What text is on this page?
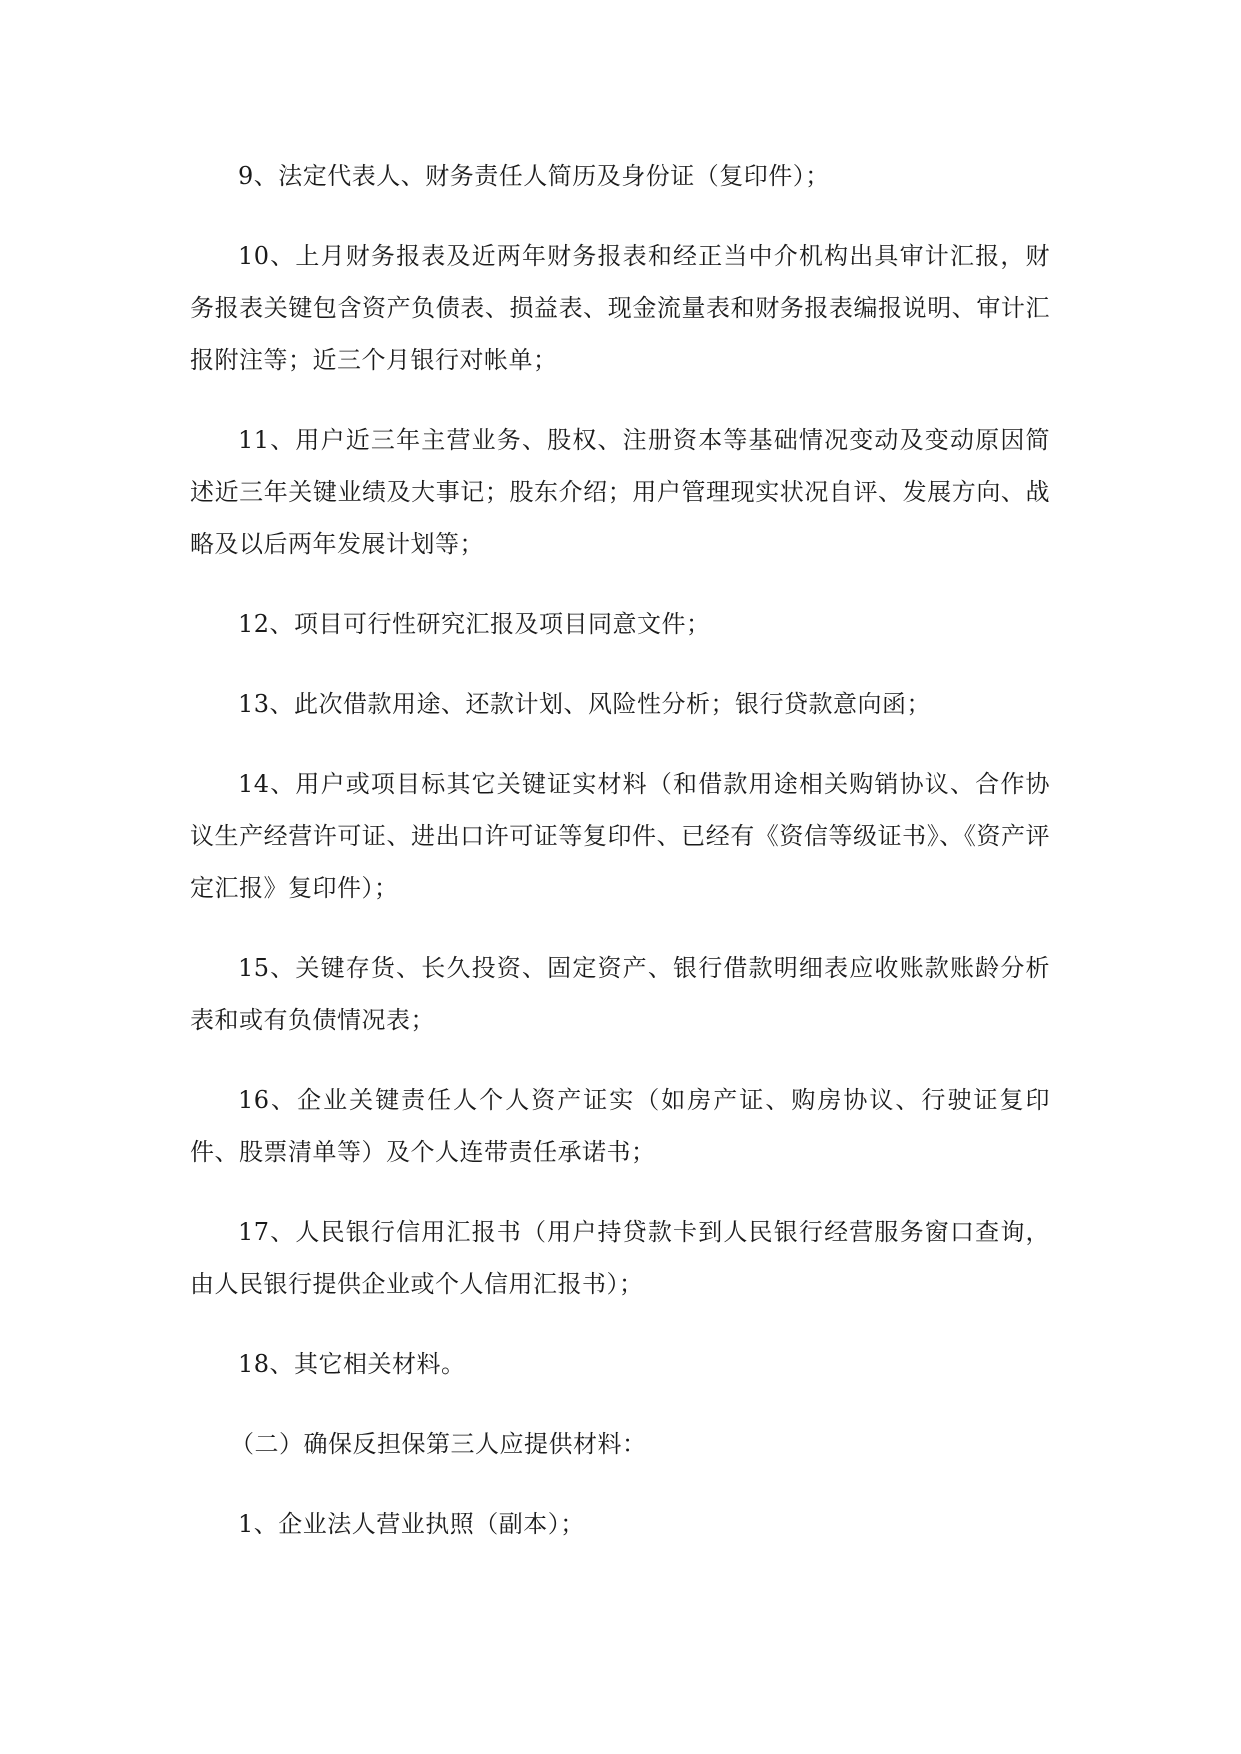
9、法定代表人、财务责任人简历及身份证（复印件）；

10、上月财务报表及近两年财务报表和经正当中介机构出具审计汇报，财务报表关键包含资产负债表、损益表、现金流量表和财务报表编报说明、审计汇报附注等；近三个月银行对帐单；

11、用户近三年主营业务、股权、注册资本等基础情况变动及变动原因简述近三年关键业绩及大事记；股东介绍；用户管理现实状况自评、发展方向、战略及以后两年发展计划等；

12、项目可行性研究汇报及项目同意文件；

13、此次借款用途、还款计划、风险性分析；银行贷款意向函；

14、用户或项目标其它关键证实材料（和借款用途相关购销协议、合作协议生产经营许可证、进出口许可证等复印件、已经有《资信等级证书》、《资产评定汇报》复印件）；

15、关键存货、长久投资、固定资产、银行借款明细表应收账款账龄分析表和或有负债情况表；

16、企业关键责任人个人资产证实（如房产证、购房协议、行驶证复印件、股票清单等）及个人连带责任承诺书；

17、人民银行信用汇报书（用户持贷款卡到人民银行经营服务窗口查询，由人民银行提供企业或个人信用汇报书）；

18、其它相关材料。

（二）确保反担保第三人应提供材料：

1、企业法人营业执照（副本）；
